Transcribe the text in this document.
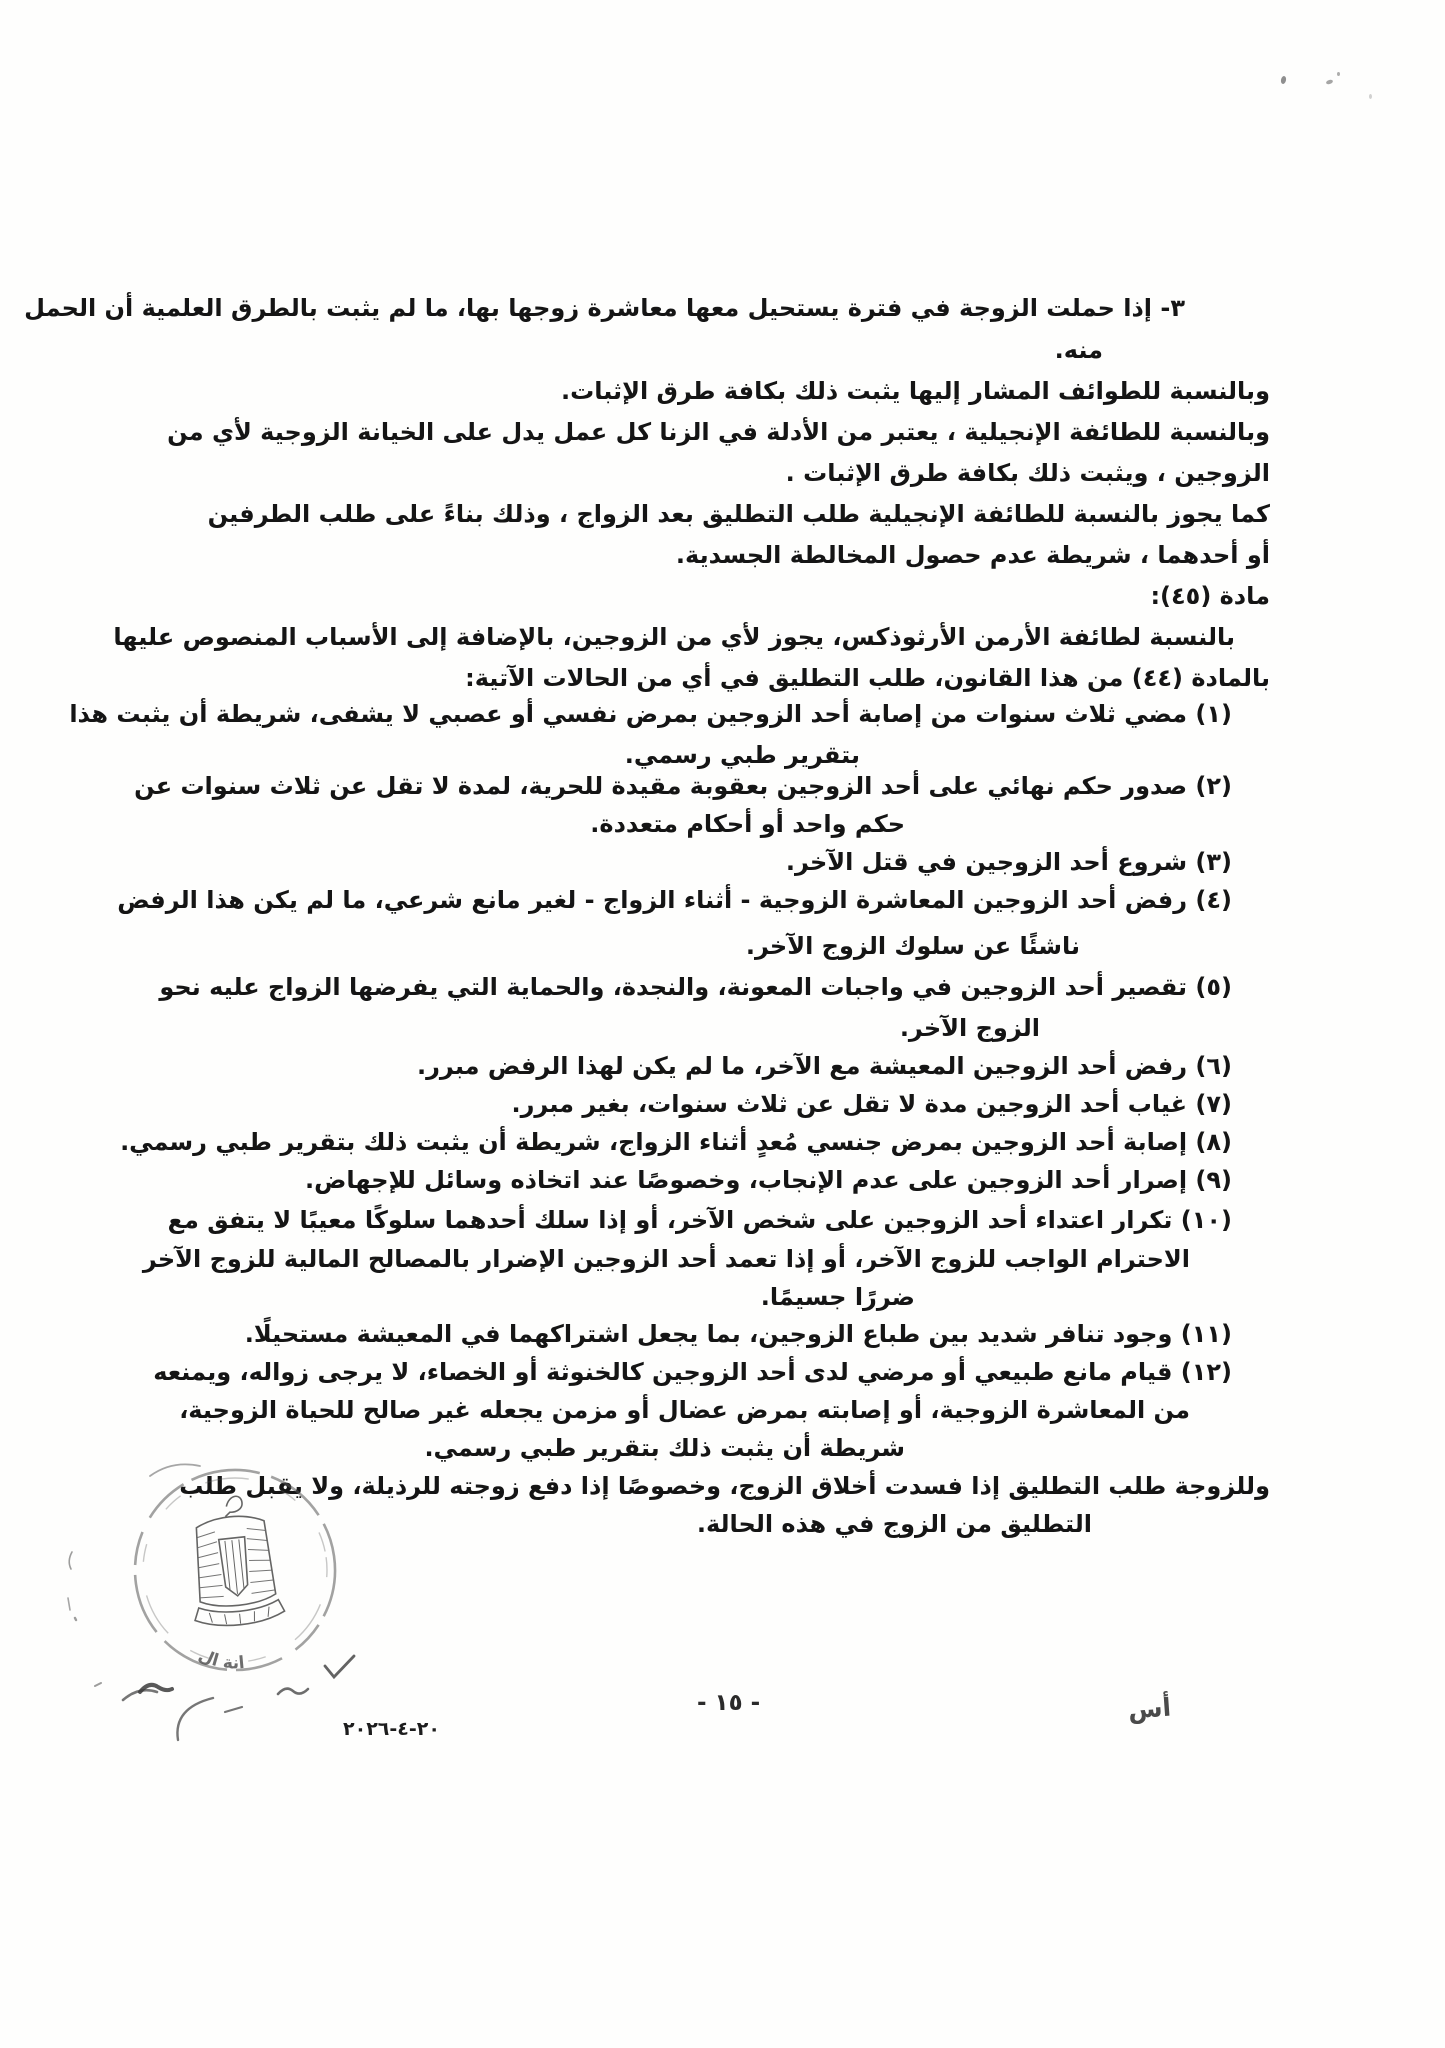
٣- إذا حملت الزوجة في فترة يستحيل معها معاشرة زوجها بها، ما لم يثبت بالطرق العلمية أن الحمل
منه.
وبالنسبة للطوائف المشار إليها يثبت ذلك بكافة طرق الإثبات.
وبالنسبة للطائفة الإنجيلية ، يعتبر من الأدلة في الزنا كل عمل يدل على الخيانة الزوجية لأي من
الزوجين ، ويثبت ذلك بكافة طرق الإثبات .
كما يجوز بالنسبة للطائفة الإنجيلية طلب التطليق بعد الزواج ، وذلك بناءً على طلب الطرفين
أو أحدهما ، شريطة عدم حصول المخالطة الجسدية.
مادة (٤٥):
بالنسبة لطائفة الأرمن الأرثوذكس، يجوز لأي من الزوجين، بالإضافة إلى الأسباب المنصوص عليها
بالمادة (٤٤) من هذا القانون، طلب التطليق في أي من الحالات الآتية:
(١) مضي ثلاث سنوات من إصابة أحد الزوجين بمرض نفسي أو عصبي لا يشفى، شريطة أن يثبت هذا
بتقرير طبي رسمي.
(٢) صدور حكم نهائي على أحد الزوجين بعقوبة مقيدة للحرية، لمدة لا تقل عن ثلاث سنوات عن
حكم واحد أو أحكام متعددة.
(٣) شروع أحد الزوجين في قتل الآخر.
(٤) رفض أحد الزوجين المعاشرة الزوجية - أثناء الزواج - لغير مانع شرعي، ما لم يكن هذا الرفض
ناشئًا عن سلوك الزوج الآخر.
(٥) تقصير أحد الزوجين في واجبات المعونة، والنجدة، والحماية التي يفرضها الزواج عليه نحو
الزوج الآخر.
(٦) رفض أحد الزوجين المعيشة مع الآخر، ما لم يكن لهذا الرفض مبرر.
(٧) غياب أحد الزوجين مدة لا تقل عن ثلاث سنوات، بغير مبرر.
(٨) إصابة أحد الزوجين بمرض جنسي مُعدٍ أثناء الزواج، شريطة أن يثبت ذلك بتقرير طبي رسمي.
(٩) إصرار أحد الزوجين على عدم الإنجاب، وخصوصًا عند اتخاذه وسائل للإجهاض.
(١٠) تكرار اعتداء أحد الزوجين على شخص الآخر، أو إذا سلك أحدهما سلوكًا معيبًا لا يتفق مع
الاحترام الواجب للزوج الآخر، أو إذا تعمد أحد الزوجين الإضرار بالمصالح المالية للزوج الآخر
ضررًا جسيمًا.
(١١) وجود تنافر شديد بين طباع الزوجين، بما يجعل اشتراكهما في المعيشة مستحيلًا.
(١٢) قيام مانع طبيعي أو مرضي لدى أحد الزوجين كالخنوثة أو الخصاء، لا يرجى زواله، ويمنعه
من المعاشرة الزوجية، أو إصابته بمرض عضال أو مزمن يجعله غير صالح للحياة الزوجية،
شريطة أن يثبت ذلك بتقرير طبي رسمي.
وللزوجة طلب التطليق إذا فسدت أخلاق الزوج، وخصوصًا إذا دفع زوجته للرذيلة، ولا يقبل طلب
التطليق من الزوج في هذه الحالة.
- ١٥ -
٢٠٢٦-٤-٢٠
أس
انة ال
